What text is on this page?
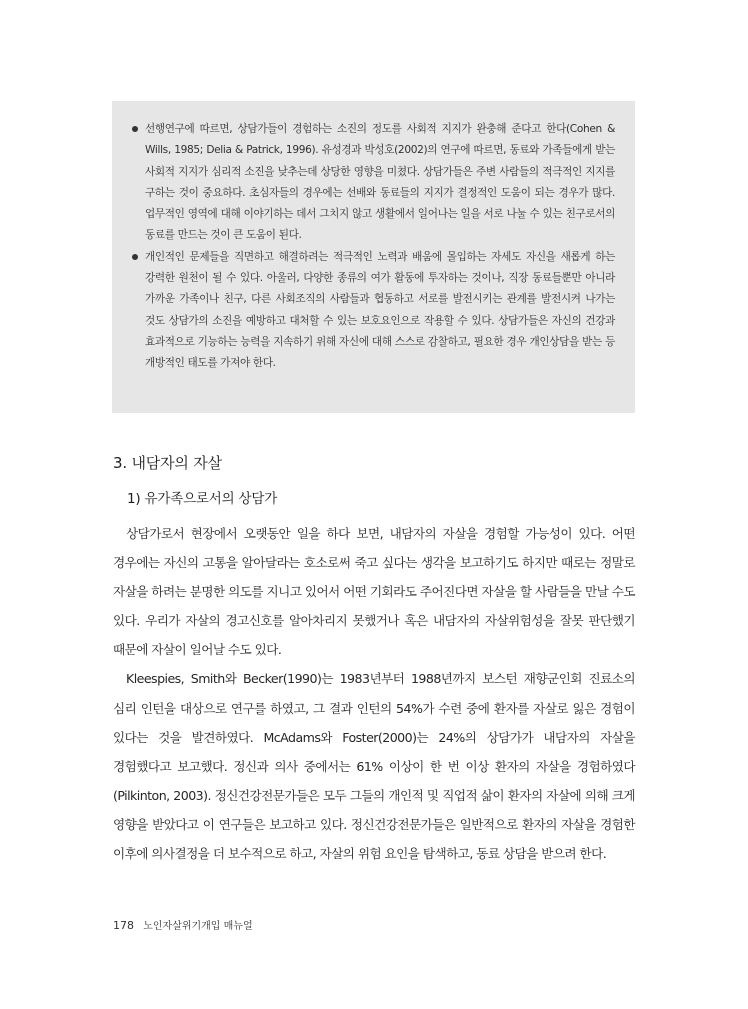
선행연구에 따르면, 상담가들이 경험하는 소진의 정도를 사회적 지지가 완충해 준다고 한다(Cohen & Wills, 1985; Delia & Patrick, 1996). 유성경과 박성호(2002)의 연구에 따르면, 동료와 가족들에게 받는 사회적 지지가 심리적 소진을 낮추는데 상당한 영향을 미쳤다. 상담가들은 주변 사람들의 적극적인 지지를 구하는 것이 중요하다. 초심자들의 경우에는 선배와 동료들의 지지가 결정적인 도움이 되는 경우가 많다. 업무적인 영역에 대해 이야기하는 데서 그치지 않고 생활에서 일어나는 일을 서로 나눌 수 있는 친구로서의 동료를 만드는 것이 큰 도움이 된다.
개인적인 문제들을 직면하고 해결하려는 적극적인 노력과 배움에 몰입하는 자세도 자신을 새롭게 하는 강력한 원천이 될 수 있다. 아울러, 다양한 종류의 여가 활동에 투자하는 것이나, 직장 동료들뿐만 아니라 가까운 가족이나 친구, 다른 사회조직의 사람들과 협동하고 서로를 발전시키는 관계를 발전시켜 나가는 것도 상담가의 소진을 예방하고 대처할 수 있는 보호요인으로 작용할 수 있다. 상담가들은 자신의 건강과 효과적으로 기능하는 능력을 지속하기 위해 자신에 대해 스스로 감찰하고, 필요한 경우 개인상담을 받는 등 개방적인 태도를 가져야 한다.
3. 내담자의 자살
1) 유가족으로서의 상담가

상담가로서 현장에서 오랫동안 일을 하다 보면, 내담자의 자살을 경험할 가능성이 있다. 어떤 경우에는 자신의 고통을 알아달라는 호소로써 죽고 싶다는 생각을 보고하기도 하지만 때로는 정말로 자살을 하려는 분명한 의도를 지니고 있어서 어떤 기회라도 주어진다면 자살을 할 사람들을 만날 수도 있다. 우리가 자살의 경고신호를 알아차리지 못했거나 혹은 내담자의 자살위험성을 잘못 판단했기 때문에 자살이 일어날 수도 있다.

Kleespies, Smith와 Becker(1990)는 1983년부터 1988년까지 보스턴 재향군인회 진료소의 심리 인턴을 대상으로 연구를 하였고, 그 결과 인턴의 54%가 수련 중에 환자를 자살로 잃은 경험이 있다는 것을 발견하였다. McAdams와 Foster(2000)는 24%의 상담가가 내담자의 자살을 경험했다고 보고했다. 정신과 의사 중에서는 61% 이상이 한 번 이상 환자의 자살을 경험하였다(Pilkinton, 2003). 정신건강전문가들은 모두 그들의 개인적 및 직업적 삶이 환자의 자살에 의해 크게 영향을 받았다고 이 연구들은 보고하고 있다. 정신건강전문가들은 일반적으로 환자의 자살을 경험한 이후에 의사결정을 더 보수적으로 하고, 자살의 위험 요인을 탐색하고, 동료 상담을 받으려 한다.

178 노인자살위기개입 매뉴얼
